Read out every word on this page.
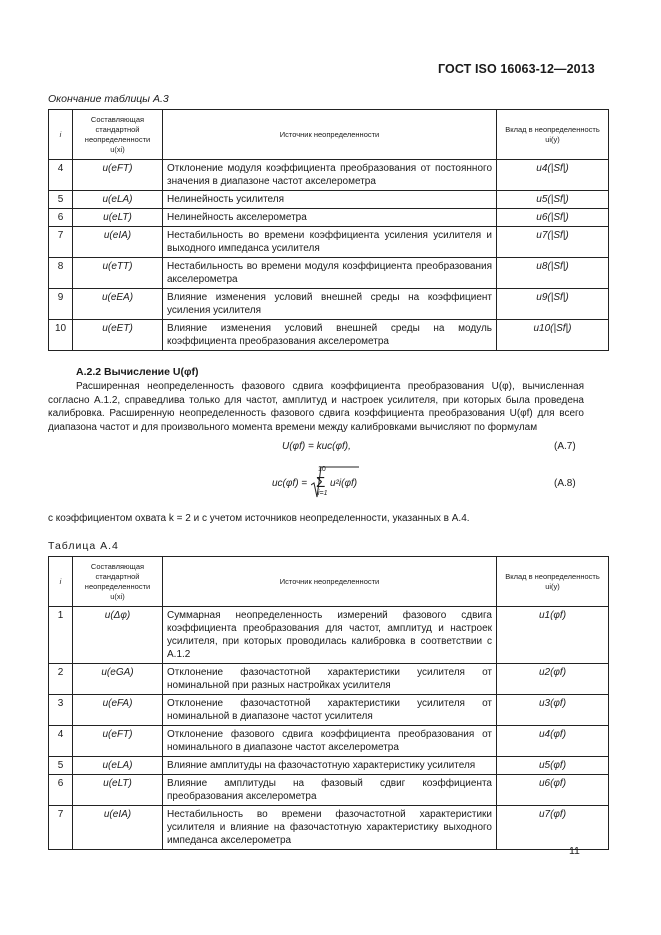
ГОСТ ISO 16063-12—2013
Окончание таблицы А.3
i	Составляющая стандартной неопределенности u(xi)	Источник неопределенности	Вклад в неопределенность ui(y)
4	u(eFT)	Отклонение модуля коэффициента преобразования от постоянного значения в диапазоне частот акселерометра	u4(|Sf|)
5	u(eLA)	Нелинейность усилителя	u5(|Sf|)
6	u(eLT)	Нелинейность акселерометра	u6(|Sf|)
7	u(eIA)	Нестабильность во времени коэффициента усиления усилителя и выходного импеданса усилителя	u7(|Sf|)
8	u(eTT)	Нестабильность во времени модуля коэффициента преобразования акселерометра	u8(|Sf|)
9	u(eEA)	Влияние изменения условий внешней среды на коэффициент усиления усилителя	u9(|Sf|)
10	u(eET)	Влияние изменения условий внешней среды на модуль коэффициента преобразования акселерометра	u10(|Sf|)
А.2.2 Вычисление U(φf)
Расширенная неопределенность фазового сдвига коэффициента преобразования U(φ), вычисленная согласно А.1.2, справедлива только для частот, амплитуд и настроек усилителя, при которых была проведена калибровка. Расширенную неопределенность фазового сдвига коэффициента преобразования U(φf) для всего диапазона частот и для произвольного момента времени между калибровками вычисляют по формулам
U(φf) = kuc(φf),	(А.7)
uc(φf) =
10
Σ
i=1
u²i(φf)	(А.8)
с коэффициентом охвата k = 2 и с учетом источников неопределенности, указанных в А.4.
Таблица А.4
i	Составляющая стандартной неопределенности u(xi)	Источник неопределенности	Вклад в неопределенность ui(y)
1	u(Δφ)	Суммарная неопределенность измерений фазового сдвига коэффициента преобразования для частот, амплитуд и настроек усилителя, при которых проводилась калибровка в соответствии с А.1.2	u1(φf)
2	u(eGA)	Отклонение фазочастотной характеристики усилителя от номинальной при разных настройках усилителя	u2(φf)
3	u(eFA)	Отклонение фазочастотной характеристики усилителя от номинальной в диапазоне частот усилителя	u3(φf)
4	u(eFT)	Отклонение фазового сдвига коэффициента преобразования от номинального в диапазоне частот акселерометра	u4(φf)
5	u(eLA)	Влияние амплитуды на фазочастотную характеристику усилителя	u5(φf)
6	u(eLT)	Влияние амплитуды на фазовый сдвиг коэффициента преобразования акселерометра	u6(φf)
7	u(eIA)	Нестабильность во времени фазочастотной характеристики усилителя и влияние на фазочастотную характеристику выходного импеданса акселерометра	u7(φf)
11
